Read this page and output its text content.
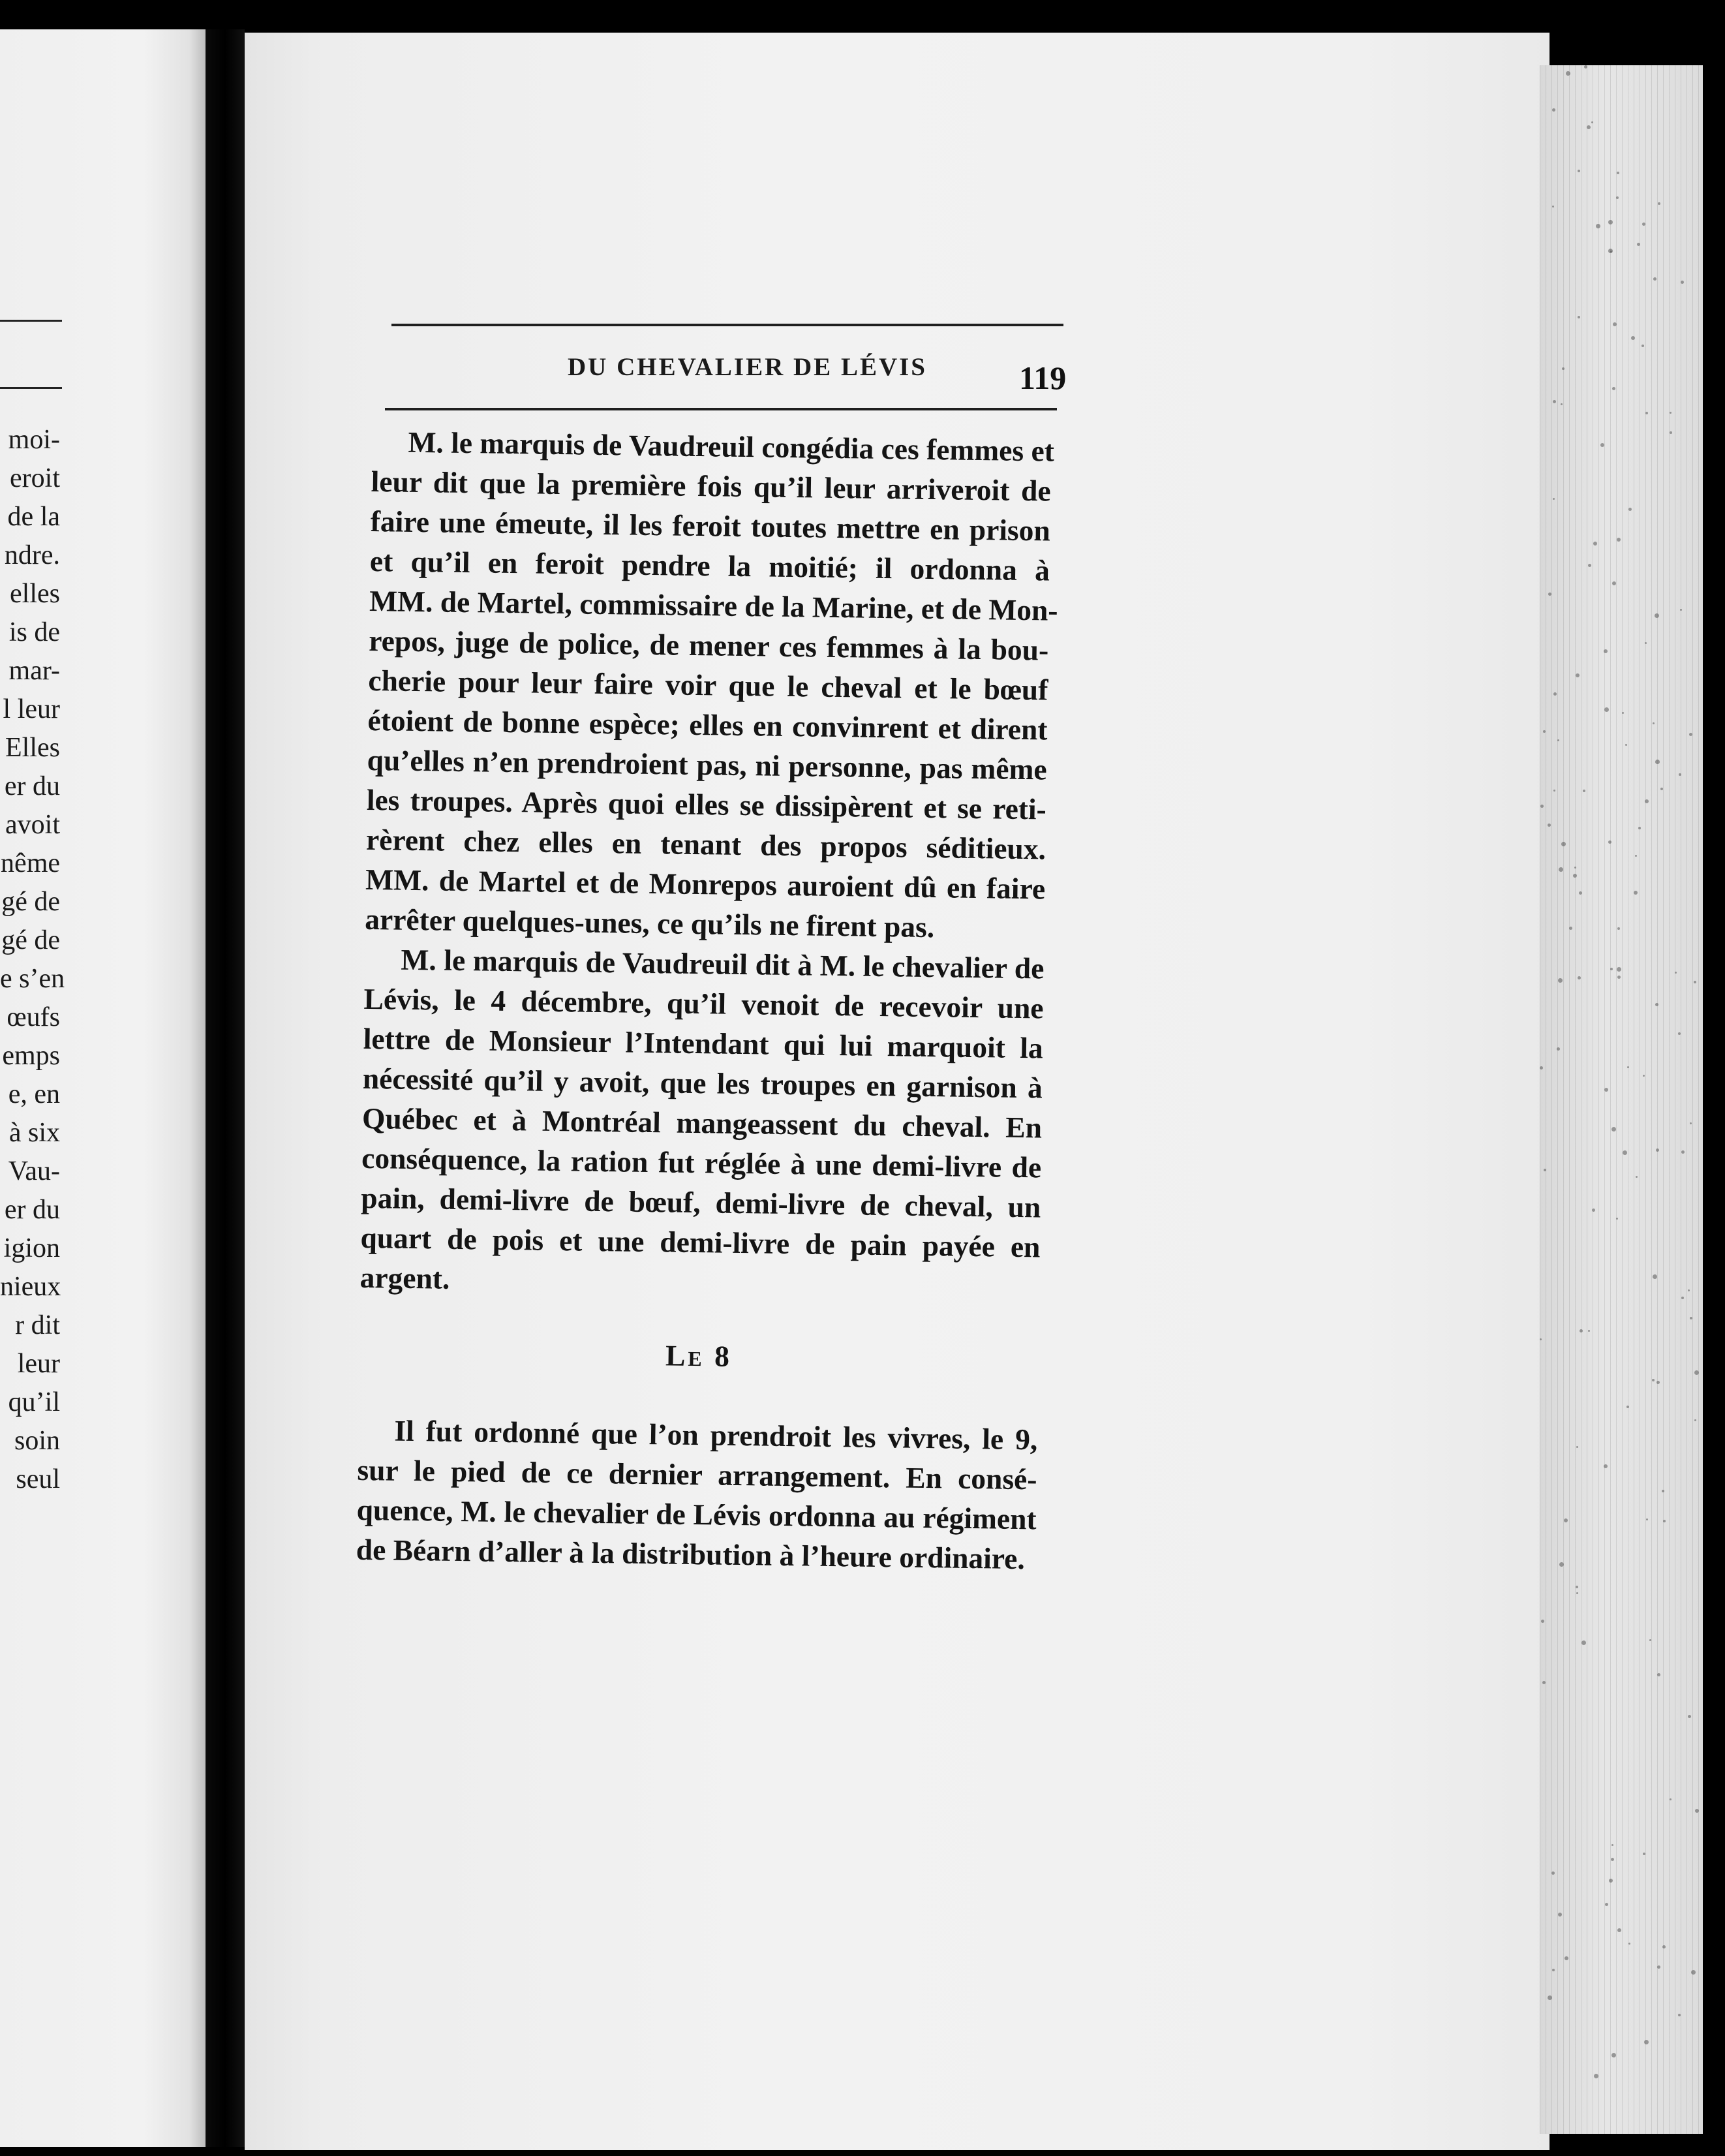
moi-
eroit
de la
ndre.
elles
is de
mar-
l leur
Elles
er du
avoit
nême
gé de
gé de
e s’en
œufs
emps
e, en
à six
Vau-
er du
igion
nieux
r dit
leur
qu’il
soin
seul
DU CHEVALIER DE LÉVIS	119
M. le marquis de Vaudreuil congédia ces femmes et
leur dit que la première fois qu’il leur arriveroit de
faire une émeute, il les feroit toutes mettre en prison
et qu’il en feroit pendre la moitié; il ordonna à
MM. de Martel, commissaire de la Marine, et de Mon-
repos, juge de police, de mener ces femmes à la bou-
cherie pour leur faire voir que le cheval et le bœuf
étoient de bonne espèce; elles en convinrent et dirent
qu’elles n’en prendroient pas, ni personne, pas même
les troupes. Après quoi elles se dissipèrent et se reti-
rèrent chez elles en tenant des propos séditieux.
MM. de Martel et de Monrepos auroient dû en faire
arrêter quelques-unes, ce qu’ils ne firent pas.
M. le marquis de Vaudreuil dit à M. le chevalier de
Lévis, le 4 décembre, qu’il venoit de recevoir une
lettre de Monsieur l’Intendant qui lui marquoit la
nécessité qu’il y avoit, que les troupes en garnison à
Québec et à Montréal mangeassent du cheval. En
conséquence, la ration fut réglée à une demi-livre de
pain, demi-livre de bœuf, demi-livre de cheval, un
quart de pois et une demi-livre de pain payée en
argent.
Le 8
Il fut ordonné que l’on prendroit les vivres, le 9,
sur le pied de ce dernier arrangement. En consé-
quence, M. le chevalier de Lévis ordonna au régiment
de Béarn d’aller à la distribution à l’heure ordinaire.
